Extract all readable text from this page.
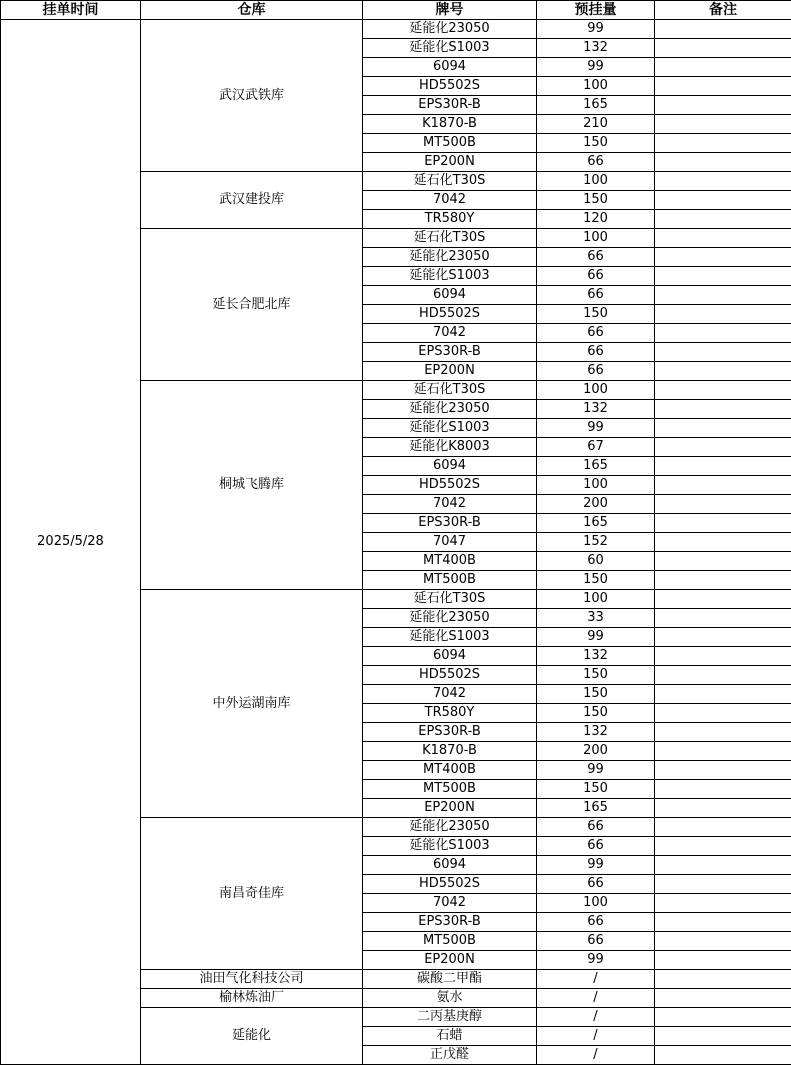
挂单时间	仓库	牌号	预挂量	备注
2025/5/28	武汉武铁库	延能化23050	99	
		延能化S1003	132	
		6094	99	
		HD5502S	100	
		EPS30R-B	165	
		K1870-B	210	
		MT500B	150	
		EP200N	66	
	武汉建投库	延石化T30S	100	
		7042	150	
		TR580Y	120	
	延长合肥北库	延石化T30S	100	
		延能化23050	66	
		延能化S1003	66	
		6094	66	
		HD5502S	150	
		7042	66	
		EPS30R-B	66	
		EP200N	66	
	桐城飞腾库	延石化T30S	100	
		延能化23050	132	
		延能化S1003	99	
		延能化K8003	67	
		6094	165	
		HD5502S	100	
		7042	200	
		EPS30R-B	165	
		7047	152	
		MT400B	60	
		MT500B	150	
	中外运湖南库	延石化T30S	100	
		延能化23050	33	
		延能化S1003	99	
		6094	132	
		HD5502S	150	
		7042	150	
		TR580Y	150	
		EPS30R-B	132	
		K1870-B	200	
		MT400B	99	
		MT500B	150	
		EP200N	165	
	南昌奇佳库	延能化23050	66	
		延能化S1003	66	
		6094	99	
		HD5502S	66	
		7042	100	
		EPS30R-B	66	
		MT500B	66	
		EP200N	99	
	油田气化科技公司	碳酸二甲酯	/	
	榆林炼油厂	氨水	/	
	延能化	二丙基庚醇	/	
		石蜡	/	
		正戊醛	/	
